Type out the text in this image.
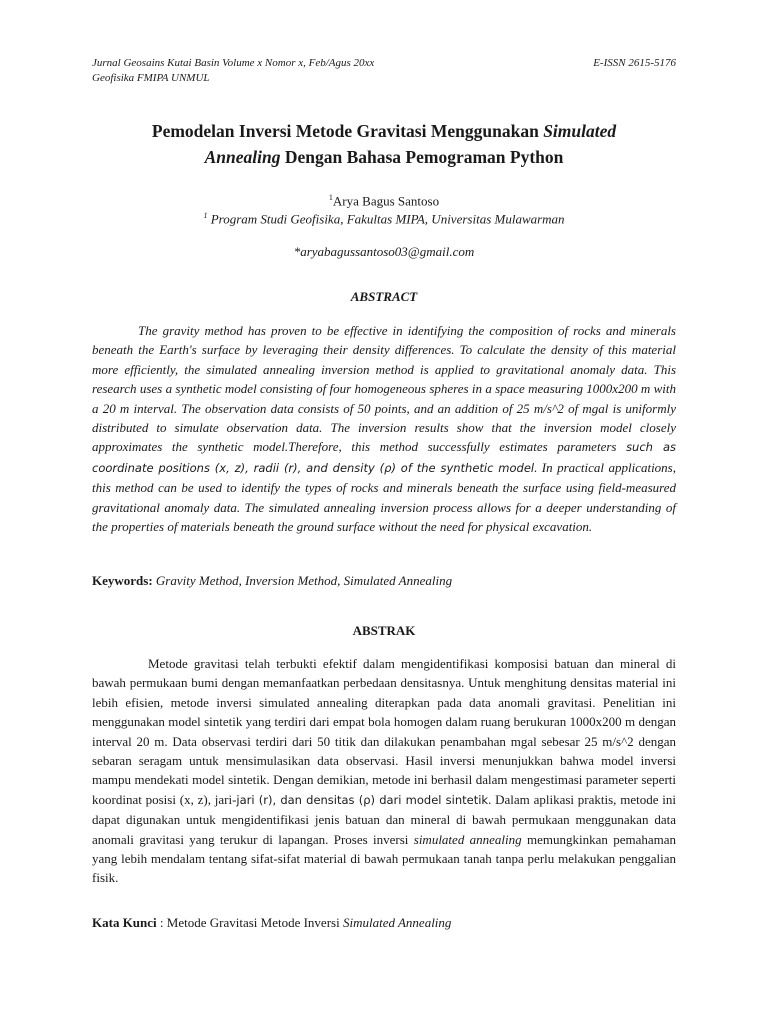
Jurnal Geosains Kutai Basin Volume x Nomor x, Feb/Agus 20xx	E-ISSN 2615-5176
Geofisika FMIPA UNMUL
Pemodelan Inversi Metode Gravitasi Menggunakan Simulated
Annealing Dengan Bahasa Pemograman Python
$^1$Arya Bagus Santoso
$^1$ Program Studi Geofisika, Fakultas MIPA, Universitas Mulawarman
*aryabagussantoso03@gmail.com
ABSTRACT

The gravity method has proven to be effective in identifying the composition of rocks and minerals beneath the Earth's surface by leveraging their density differences. To calculate the density of this material more efficiently, the simulated annealing inversion method is applied to gravitational anomaly data. This research uses a synthetic model consisting of four homogeneous spheres in a space measuring 1000x200 m with a 20 m interval. The observation data consists of 50 points, and an addition of 25 m/s^2 of mgal is uniformly distributed to simulate observation data. The inversion results show that the inversion model closely approximates the synthetic model.Therefore, this method successfully estimates parameters such as coordinate positions (x, z), radii (r), and density (ρ) of the synthetic model. In practical applications, this method can be used to identify the types of rocks and minerals beneath the surface using field-measured gravitational anomaly data. The simulated annealing inversion process allows for a deeper understanding of the properties of materials beneath the ground surface without the need for physical excavation.

Keywords: Gravity Method, Inversion Method, Simulated Annealing
ABSTRAK

Metode gravitasi telah terbukti efektif dalam mengidentifikasi komposisi batuan dan mineral di bawah permukaan bumi dengan memanfaatkan perbedaan densitasnya. Untuk menghitung densitas material ini lebih efisien, metode inversi simulated annealing diterapkan pada data anomali gravitasi. Penelitian ini menggunakan model sintetik yang terdiri dari empat bola homogen dalam ruang berukuran 1000x200 m dengan interval 20 m. Data observasi terdiri dari 50 titik dan dilakukan penambahan mgal sebesar 25 m/s^2 dengan sebaran seragam untuk mensimulasikan data observasi. Hasil inversi menunjukkan bahwa model inversi mampu mendekati model sintetik. Dengan demikian, metode ini berhasil dalam mengestimasi parameter seperti koordinat posisi (x, z), jari-jari (r), dan densitas (ρ) dari model sintetik. Dalam aplikasi praktis, metode ini dapat digunakan untuk mengidentifikasi jenis batuan dan mineral di bawah permukaan menggunakan data anomali gravitasi yang terukur di lapangan. Proses inversi simulated annealing memungkinkan pemahaman yang lebih mendalam tentang sifat-sifat material di bawah permukaan tanah tanpa perlu melakukan penggalian fisik.

Kata Kunci : Metode Gravitasi Metode Inversi Simulated Annealing
